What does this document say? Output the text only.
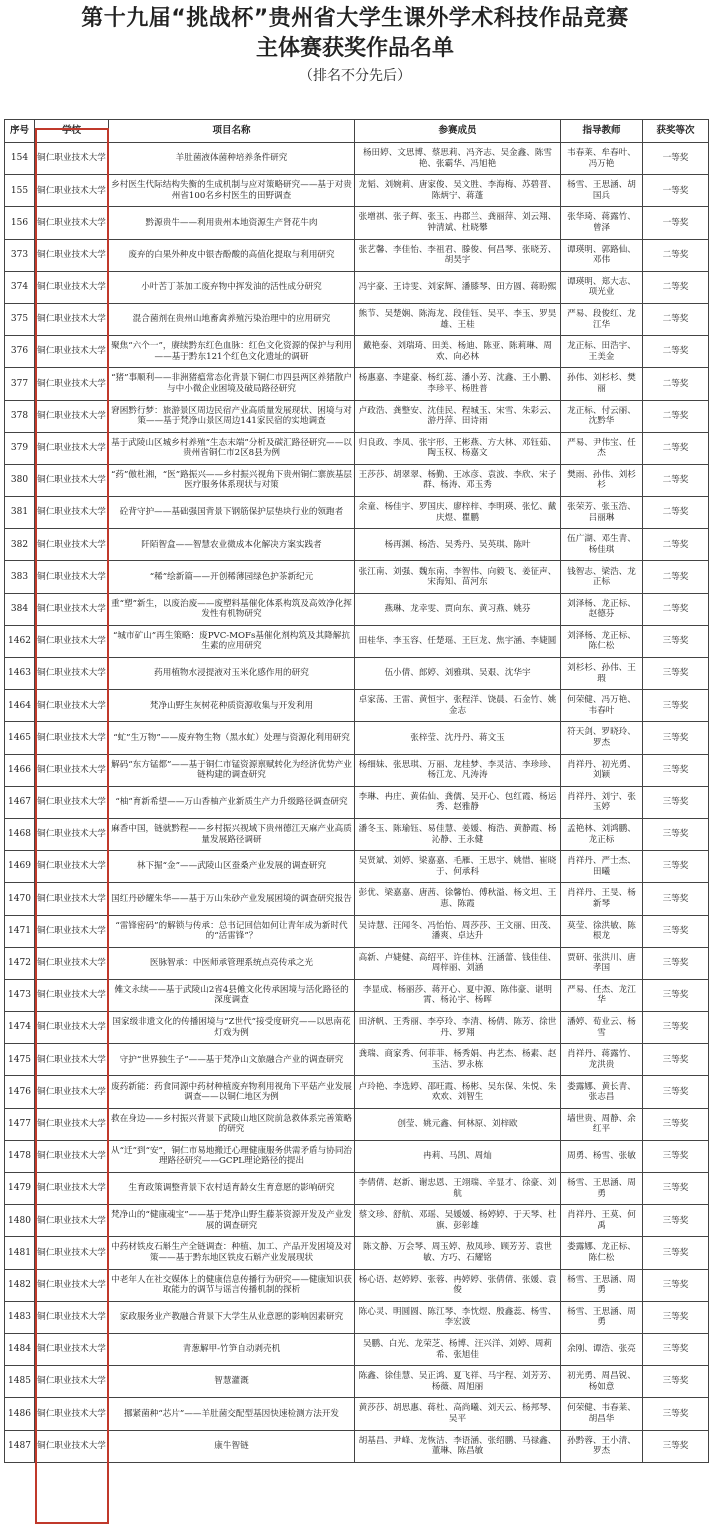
第十九届“挑战杯”贵州省大学生课外学术科技作品竞赛
主体赛获奖作品名单
（排名不分先后）
序号	学校	项目名称	参赛成员	指导教师	获奖等次
154	铜仁职业技术大学	羊肚菌液体菌种培养条件研究	杨田婷、文思博、蔡思莉、冯齐志、吴金鑫、陈雪艳、张霸华、冯旭艳	韦春莱、牟春叶、冯万艳	一等奖
155	铜仁职业技术大学	乡村医生代际结构失衡的生成机制与应对策略研究——基于对贵州省100名乡村医生的田野调查	龙韬、刘婉莉、唐家俊、吴文胜、李海梅、苏碧晋、陈炳宁、蒋蓬	杨雪、王思涵、胡国兵	一等奖
156	铜仁职业技术大学	黔源贵牛——利用贵州本地资源生产肾花牛肉	张增祺、张子辉、张玉、冉郡兰、龚丽萍、刘云翔、钟清斌、杜晓攀	张华琦、蒋露竹、曾泽	一等奖
373	铜仁职业技术大学	废弃的白果外种皮中银杏酚酸的高值化提取与利用研究	张艺馨、李佳怡、李祖君、滕俊、何昌琴、张晓芳、胡昊宇	谭瑛明、郭路仙、邓伟	二等奖
374	铜仁职业技术大学	小叶苦丁茶加工废弃物中挥发油的活性成分研究	冯宇豪、王诗雯、刘家辉、潘膝琴、田方圆、蒋盼熙	谭瑛明、郑大志、项光业	二等奖
375	铜仁职业技术大学	混合菌剂在贵州山地畜禽养殖污染治理中的应用研究	熊节、吴楚娴、陈海龙、段佳钰、吴平、李玉、罗昊雄、王桂	严易、段俊红、龙江华	二等奖
376	铜仁职业技术大学	聚焦“六个一”，赓续黔东红色血脉：红色文化资源的保护与利用——基于黔东121个红色文化遗址的调研	戴艳泰、刘瑞琦、田美、杨迪、陈亚、陈莉琳、周欢、向必林	龙正标、田浩宇、王美金	二等奖
377	铜仁职业技术大学	“猪”事顺利——非洲猪瘟常态化背景下铜仁市四县两区养猪散户与中小微企业困境及破局路径研究	杨惠嘉、李建豪、杨红蕊、潘小芳、沈鑫、王小鹏、李珍平、杨胜普	孙伟、刘杉杉、樊丽	二等奖
378	铜仁职业技术大学	窘困黔行梦：旅游景区周边民宿产业高质量发展现状、困境与对策——基于梵净山景区周边141家民宿的实地调查	卢政浩、龚整安、沈佳民、程城玉、宋雪、朱彩云、游丹萍、田诗雨	龙正标、付云丽、沈黔华	二等奖
379	铜仁职业技术大学	基于武陵山区城乡村养殖“生态末端”分析及碳汇路径研究——以贵州省铜仁市2区8县为例	归良政、李凤、张宇形、王彬燕、方大林、邓钰茹、陶玉权、杨嘉文	严易、尹伟宝、任杰	二等奖
380	铜仁职业技术大学	“药”傲杜湘，“医”路振兴——乡村振兴视角下贵州铜仁寨族基层医疗服务体系现状与对策	王莎莎、胡翠翠、杨勤、王冰彦、袁波、李欣、宋子群、杨涛、邓玉秀	樊雨、孙伟、刘杉杉	二等奖
381	铜仁职业技术大学	砼背守护——基础强国背景下钢筋保护层垫块行业的领跑者	余童、杨佳宇、罗国庆、廖梓梓、李明瑛、张忆、戴庆煜、瞿鹏	张荣芳、张玉浩、吕丽琳	二等奖
382	铜仁职业技术大学	阡陌智盒——智慧农业微成本化解决方案实践者	杨再渊、杨浩、吴秀丹、吴英琪、陈叶	伍广湖、邓生青、杨佳琪	二等奖
383	铜仁职业技术大学	“稀”绘新篇——开创稀薄园绿色护茶新纪元	张江南、刘强、魏东南、李智伟、向毅飞、姜征声、宋海知、苗河东	钱智志、梁浩、龙正标	二等奖
384	铜仁职业技术大学	重“塑”新生，以废治废——废塑料基催化体系构筑及高效净化挥发性有机物研究	燕琳、龙幸雯、贾向东、黄习燕、姚芬	刘泽杨、龙正标、赵德芬	二等奖
1462	铜仁职业技术大学	“城市矿山”再生策略：废PVC-MOFs基催化剂构筑及其降解抗生素的应用研究	田桂华、李玉容、任楚瑶、王巨龙、焦宇涵、李婕圆	刘泽杨、龙正标、陈仁松	三等奖
1463	铜仁职业技术大学	药用植物水浸提液对玉米化感作用的研究	伍小倩、郎婷、刘雅琪、吴艰、沈华宇	刘杉杉、孙伟、王瑕	三等奖
1464	铜仁职业技术大学	梵净山野生灰树花种质资源收集与开发利用	卓家荡、王雷、黄恒宇、张程洋、饶晨、石金竹、姚金志	何荣健、冯万艳、韦春叶	三等奖
1465	铜仁职业技术大学	“虻”生万物”——废弃物生物（黑水虻）处理与资源化利用研究	张梓莹、沈丹丹、蒋文玉	符天剑、罗晓玲、罗杰	三等奖
1466	铜仁职业技术大学	解码“东方锰都”——基于铜仁市锰资源禀赋转化为经济优势产业链构建的调查研究	杨细妹、张思琪、万丽、龙桂梦、李灵洁、李珍珍、杨江龙、凡涛涛	肖祥丹、初光勇、刘颖	三等奖
1467	铜仁职业技术大学	“柚”育新希望——万山香柚产业新质生产力升级路径调查研究	李琳、冉庄、黄佑仙、龚儒、吴开心、包红霞、杨运秀、赵雅静	肖祥丹、刘宁、张玉婷	三等奖
1468	铜仁职业技术大学	麻香中国，链就黔程——乡村振兴视域下贵州德江天麻产业高质量发展路径调研	潘冬玉、陈瑜钰、易佳慧、姜媛、梅浩、黄静霞、杨沁静、王永健	孟艳林、刘鸿鹏、龙正标	三等奖
1469	铜仁职业技术大学	林下掘“金”——武陵山区蚕桑产业发展的调查研究	吴贤斌、刘婷、梁嘉嘉、毛雁、王思宇、姚惜、崔晓于、何承科	肖祥丹、严士杰、田曦	三等奖
1470	铜仁职业技术大学	国红丹砂耀朱华——基于万山朱砂产业发展困境的调查研究报告	彭优、梁嘉嘉、唐茜、徐馨怡、傅秋溢、杨文坦、王恵、陈霞	肖祥丹、王旻、杨新琴	三等奖
1471	铜仁职业技术大学	“雷锋密码”的解锁与传承：总书记回信如何让青年成为新时代的“活雷锋”？	吴诗慧、汪闻冬、冯怡怡、周莎莎、王文丽、田茂、潘爽、卓达升	莫莹、徐洪敏、陈根龙	三等奖
1472	铜仁职业技术大学	医脉智承：中医师承管理系统点亮传承之光	高新、卢婕健、高绍平、许佳林、汪涵蕾、钱佳佳、周梓丽、刘涵	贾研、张洪川、唐孝国	三等奖
1473	铜仁职业技术大学	傩文永续——基于武陵山2省4县傩文化传承困境与活化路径的深度调查	李显成、杨丽莎、蒋开心、夏中源、陈伟豪、谌明霄、杨沁宇、杨晖	严易、任杰、龙江华	三等奖
1474	铜仁职业技术大学	国家级非遗文化的传播困境与“Z世代”接受度研究——以思南花灯戏为例	田济帆、王秀丽、李亭玲、李清、杨倩、陈芳、徐世丹、罗翔	潘婷、荀业云、杨雪	三等奖
1475	铜仁职业技术大学	守护“世界独生子”——基于梵净山文旅融合产业的调查研究	龚瑞、商家秀、何菲菲、杨秀娟、冉艺杰、杨素、赵玉洁、罗永栋	肖祥丹、蒋露竹、龙洪贵	三等奖
1476	铜仁职业技术大学	废药新能：药食同源中药材种植废弃物利用视角下平菇产业发展调查——以铜仁地区为例	卢玲艳、李选婷、邵旺霞、杨彬、吴东保、朱悦、朱欢欢、刘智生	娄露娜、黄长青、张志昌	三等奖
1477	铜仁职业技术大学	救在身边——乡村振兴背景下武陵山地区院前急救体系完善策略的研究	创莹、姚元鑫、何林原、刘梓欧	墙世贵、周静、余红平	三等奖
1478	铜仁职业技术大学	从“迁”到“安”，铜仁市易地搬迁心理健康服务供需矛盾与协同治理路径研究——GCPL理论路径的提出	冉莉、马凯、周灿	周勇、杨雪、张敏	三等奖
1479	铜仁职业技术大学	生育政策调整背景下农村适育龄女生育意愿的影响研究	李倩倩、赵新、谢忠恩、王翊瑞、辛显才、徐豪、刘航	杨雪、王思涵、周勇	三等奖
1480	铜仁职业技术大学	梵净山的“健康魂宝”——基于梵净山野生藤茶资源开发及产业发展的调查研究	蔡文珍、舒航、邓瑶、吴媛媛、杨婷婷、于天琴、杜旗、彭彰雄	肖祥丹、王莫、何禹	三等奖
1481	铜仁职业技术大学	中药材铁皮石斛生产全链调查：种植、加工、产品开发困境及对策——基于黔东地区铁皮石斛产业发展现状	陈文静、万会琴、周玉婷、敖凤珍、顾芳芳、袁世敏、方巧、石耀铭	娄露娜、龙正标、陈仁松	三等奖
1482	铜仁职业技术大学	中老年人在社交媒体上的健康信息传播行为研究——健康知识获取能力的调节与谣言传播机制的探析	杨心语、赵婷婷、张蓉、冉婷婷、张倩倩、张媛、袁俊	杨雪、王思涵、周勇	三等奖
1483	铜仁职业技术大学	家政服务业产教融合背景下大学生从业意愿的影响因素研究	陈心灵、明圆圆、陈江琴、李忱煜、殷鑫蕊、杨雪、李宏波	杨雪、王思涵、周勇	三等奖
1484	铜仁职业技术大学	青葱解甲-竹笋自动剥壳机	吴鹏、白光、龙荣芝、杨博、汪兴洋、刘婷、周莉希、张旭佳	余刚、谭浩、张亮	三等奖
1485	铜仁职业技术大学	智慧灌溉	陈鑫、徐佳慧、吴正鸿、夏飞祥、马宇程、刘芳芳、杨薇、周旭丽	初光勇、周昌锐、杨如意	三等奖
1486	铜仁职业技术大学	挪紧菌种“芯片”——羊肚菌交配型基因快速检测方法开发	黄莎莎、胡思惠、蒋杜、高尚曦、刘天云、杨邦琴、吴平	何荣健、韦春莱、胡昌华	三等奖
1487	铜仁职业技术大学	康牛智链	胡基昌、尹峰、龙恢洁、李语涵、张绍鹏、马禄鑫、董琳、陈昌敏	孙黔蓉、王小清、罗杰	三等奖
